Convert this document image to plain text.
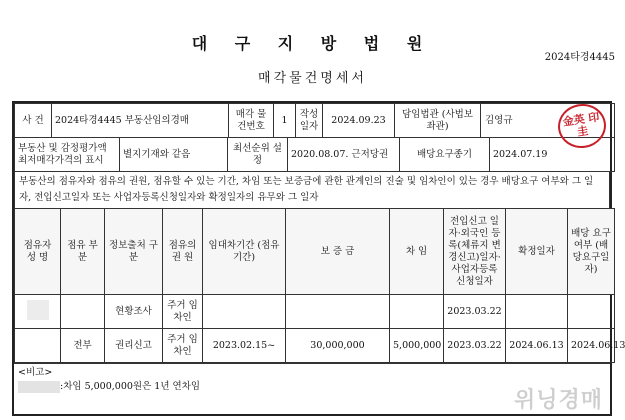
대 구 지 방 법 원
2024타경4445
매각물건명세서
사 건	2024타경4445 부동산임의경매	매각 물건번호	1	작성 일자	2024.09.23	담임법관 (사법보좌관)	김영규	金英 印圭
부동산 및 감정평가액 최저매각가격의 표시	별지기재와 같음	최선순위 설정	2020.08.07. 근저당권	배당요구종기	2024.07.19
부동산의 점유자와 점유의 권원, 점유할 수 있는 기간, 차임 또는 보증금에 관한 관계인의 진술 및 임차인이 있는 경우 배당요구 여부와 그 일자, 전입신고일자 또는 사업자등록신청일자와 확정일자의 유무와 그 일자
점유자 성 명	점유 부분	정보출처 구 분	점유의 권 원	임대차기간 (점유기간)	보 증 금	차 임	전입신고 일자·외국인 등록(체류지 변경신고)일자·사업자등록신청일자	확정일자	배당 요구여부 (배당요구일자)
		현황조사	주거 임차인				2023.03.22		
	전부	권리신고	주거 임차인	2023.02.15~	30,000,000	5,000,000	2023.03.22	2024.06.13	2024.06.13
<비고>
:차임 5,000,000원은 1년 연차임
위닝경매
